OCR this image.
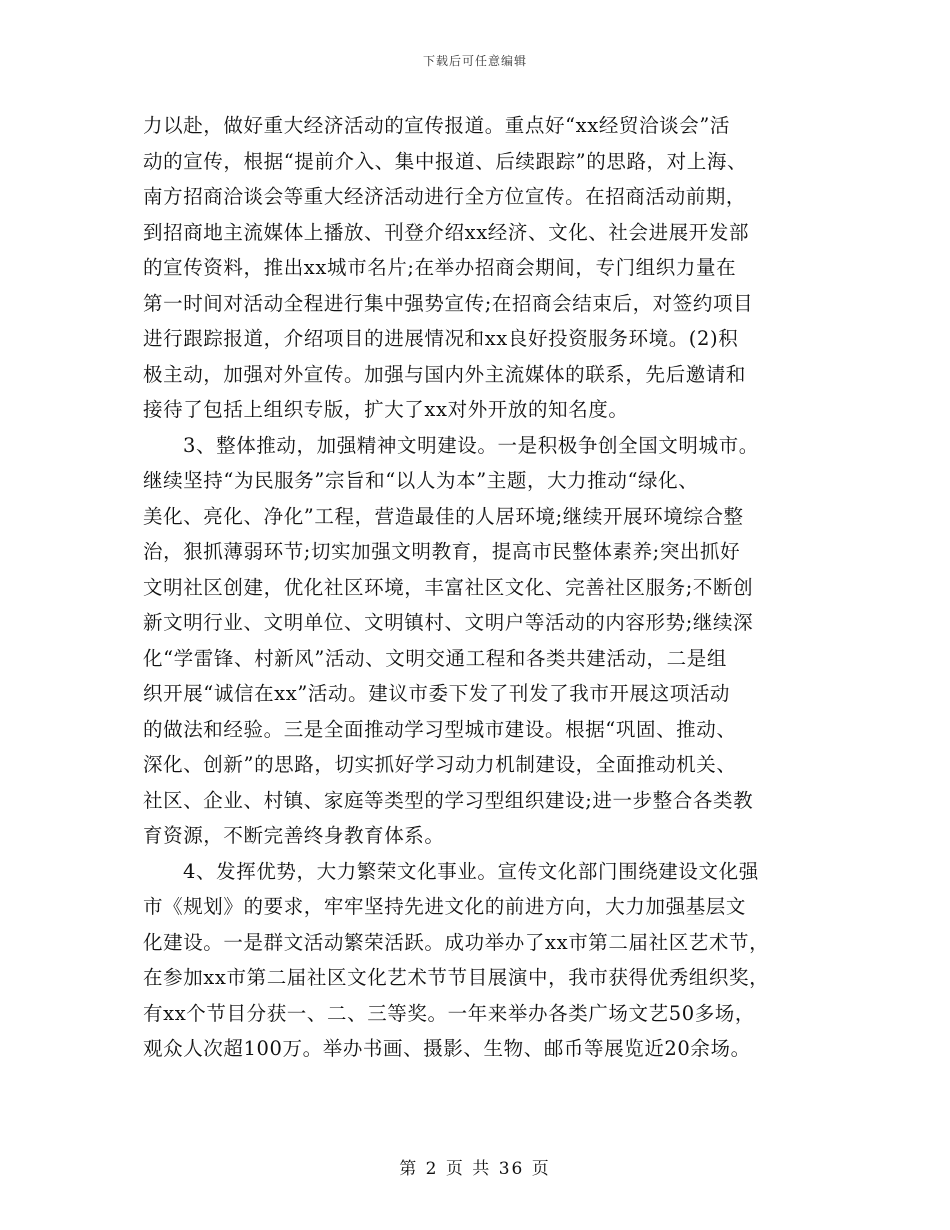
下载后可任意编辑

力以赴，做好重大经济活动的宣传报道。重点好“xx经贸洽谈会”活
动的宣传，根据“提前介入、集中报道、后续跟踪”的思路，对上海、
南方招商洽谈会等重大经济活动进行全方位宣传。在招商活动前期，
到招商地主流媒体上播放、刊登介绍xx经济、文化、社会进展开发部
的宣传资料，推出xx城市名片;在举办招商会期间，专门组织力量在
第一时间对活动全程进行集中强势宣传;在招商会结束后，对签约项目
进行跟踪报道，介绍项目的进展情况和xx良好投资服务环境。(2)积
极主动，加强对外宣传。加强与国内外主流媒体的联系，先后邀请和
接待了包括上组织专版，扩大了xx对外开放的知名度。

3、整体推动，加强精神文明建设。一是积极争创全国文明城市。
继续坚持“为民服务”宗旨和“以人为本”主题，大力推动“绿化、
美化、亮化、净化”工程，营造最佳的人居环境;继续开展环境综合整
治，狠抓薄弱环节;切实加强文明教育，提高市民整体素养;突出抓好
文明社区创建，优化社区环境，丰富社区文化、完善社区服务;不断创
新文明行业、文明单位、文明镇村、文明户等活动的内容形势;继续深
化“学雷锋、村新风”活动、文明交通工程和各类共建活动，二是组
织开展“诚信在xx”活动。建议市委下发了刊发了我市开展这项活动
的做法和经验。三是全面推动学习型城市建设。根据“巩固、推动、
深化、创新”的思路，切实抓好学习动力机制建设，全面推动机关、
社区、企业、村镇、家庭等类型的学习型组织建设;进一步整合各类教
育资源，不断完善终身教育体系。

4、发挥优势，大力繁荣文化事业。宣传文化部门围绕建设文化强
市《规划》的要求，牢牢坚持先进文化的前进方向，大力加强基层文
化建设。一是群文活动繁荣活跃。成功举办了xx市第二届社区艺术节，
在参加xx市第二届社区文化艺术节节目展演中，我市获得优秀组织奖，
有xx个节目分获一、二、三等奖。一年来举办各类广场文艺50多场，
观众人次超100万。举办书画、摄影、生物、邮币等展览近20余场。

第 2 页 共 36 页
